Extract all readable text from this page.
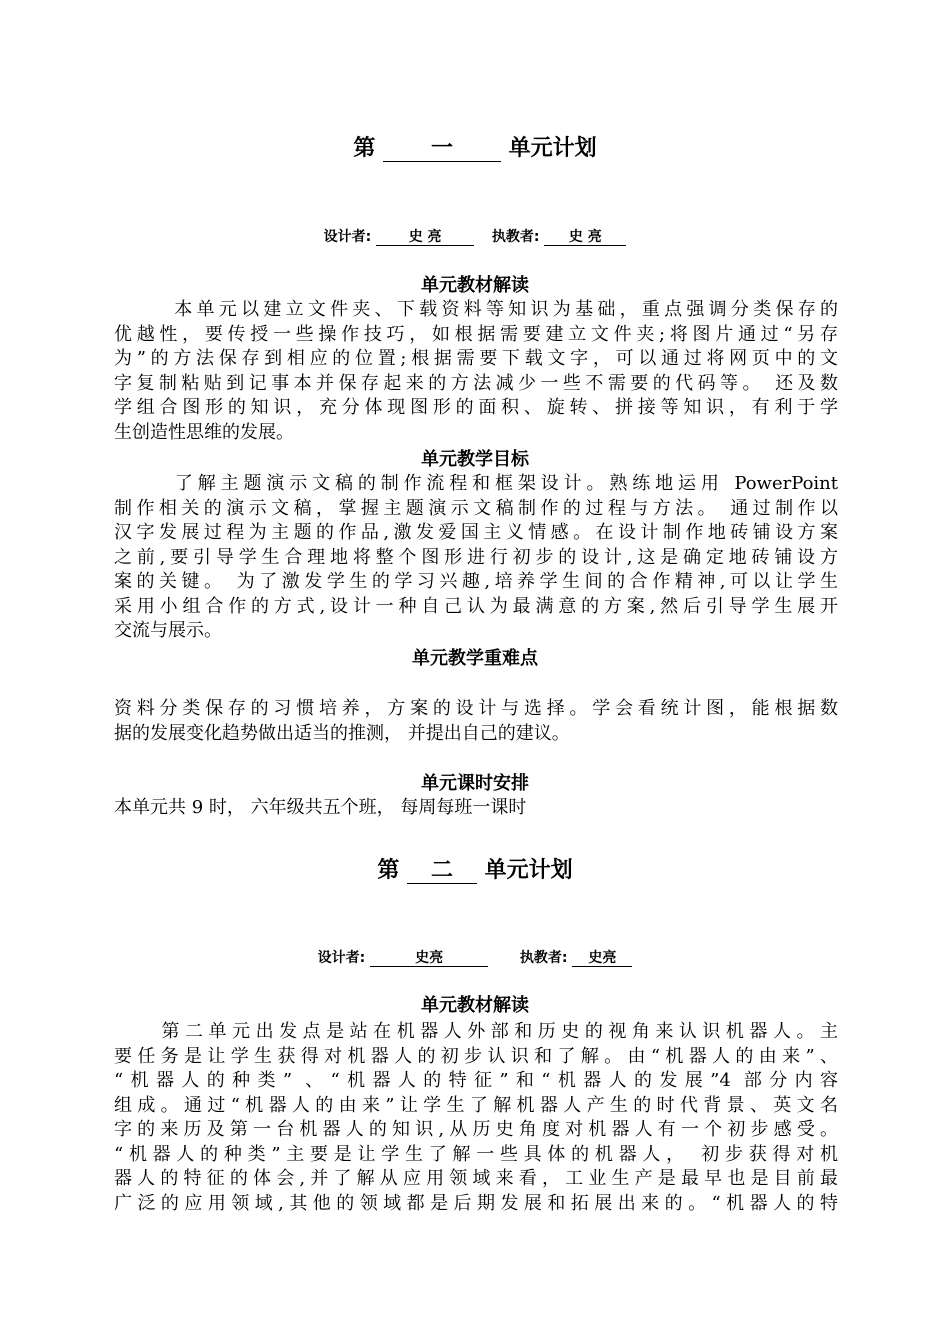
第	一	单元计划
设计者:	史 亮	执教者: 史 亮
单元教材解读
本单元以建立文件夹、下载资料等知识为基础，重点强调分类保存的
优越性，要传授一些操作技巧，如根据需要建立文件夹;将图片通过“另存
为”的方法保存到相应的位置;根据需要下载文字，可以通过将网页中的文
字复制粘贴到记事本并保存起来的方法减少一些不需要的代码等。 还及数
学组合图形的知识，充分体现图形的面积、旋转、拼接等知识，有利于学
生创造性思维的发展。
单元教学目标
了解主题演示文稿的制作流程和框架设计。熟练地运用 PowerPoint
制作相关的演示文稿，掌握主题演示文稿制作的过程与方法。 通过制作以
汉字发展过程为主题的作品,激发爱国主义情感。在设计制作地砖铺设方案
之前,要引导学生合理地将整个图形进行初步的设计,这是确定地砖铺设方
案的关键。 为了激发学生的学习兴趣,培养学生间的合作精神,可以让学生
采用小组合作的方式,设计一种自己认为最满意的方案,然后引导学生展开
交流与展示。
单元教学重难点
资料分类保存的习惯培养，方案的设计与选择。学会看统计图，能根据数
据的发展变化趋势做出适当的推测， 并提出自己的建议。
单元课时安排
本单元共 9 时， 六年级共五个班， 每周每班一课时
第 二 单元计划
设计者:	史亮	执教者: 史亮
单元教材解读
第二单元出发点是站在机器人外部和历史的视角来认识机器人。主
要任务是让学生获得对机器人的初步认识和了解。由“机器人的由来”、
“机器人的种类” 、“机器人的特征”和“机器人的发展”4 部分内容
组成。通过“机器人的由来”让学生了解机器人产生的时代背景、英文名
字的来历及第一台机器人的知识,从历史角度对机器人有一个初步感受。
“机器人的种类”主要是让学生了解一些具体的机器人， 初步获得对机
器人的特征的体会,并了解从应用领域来看，工业生产是最早也是目前最
广泛的应用领域,其他的领域都是后期发展和拓展出来的。“机器人的特
